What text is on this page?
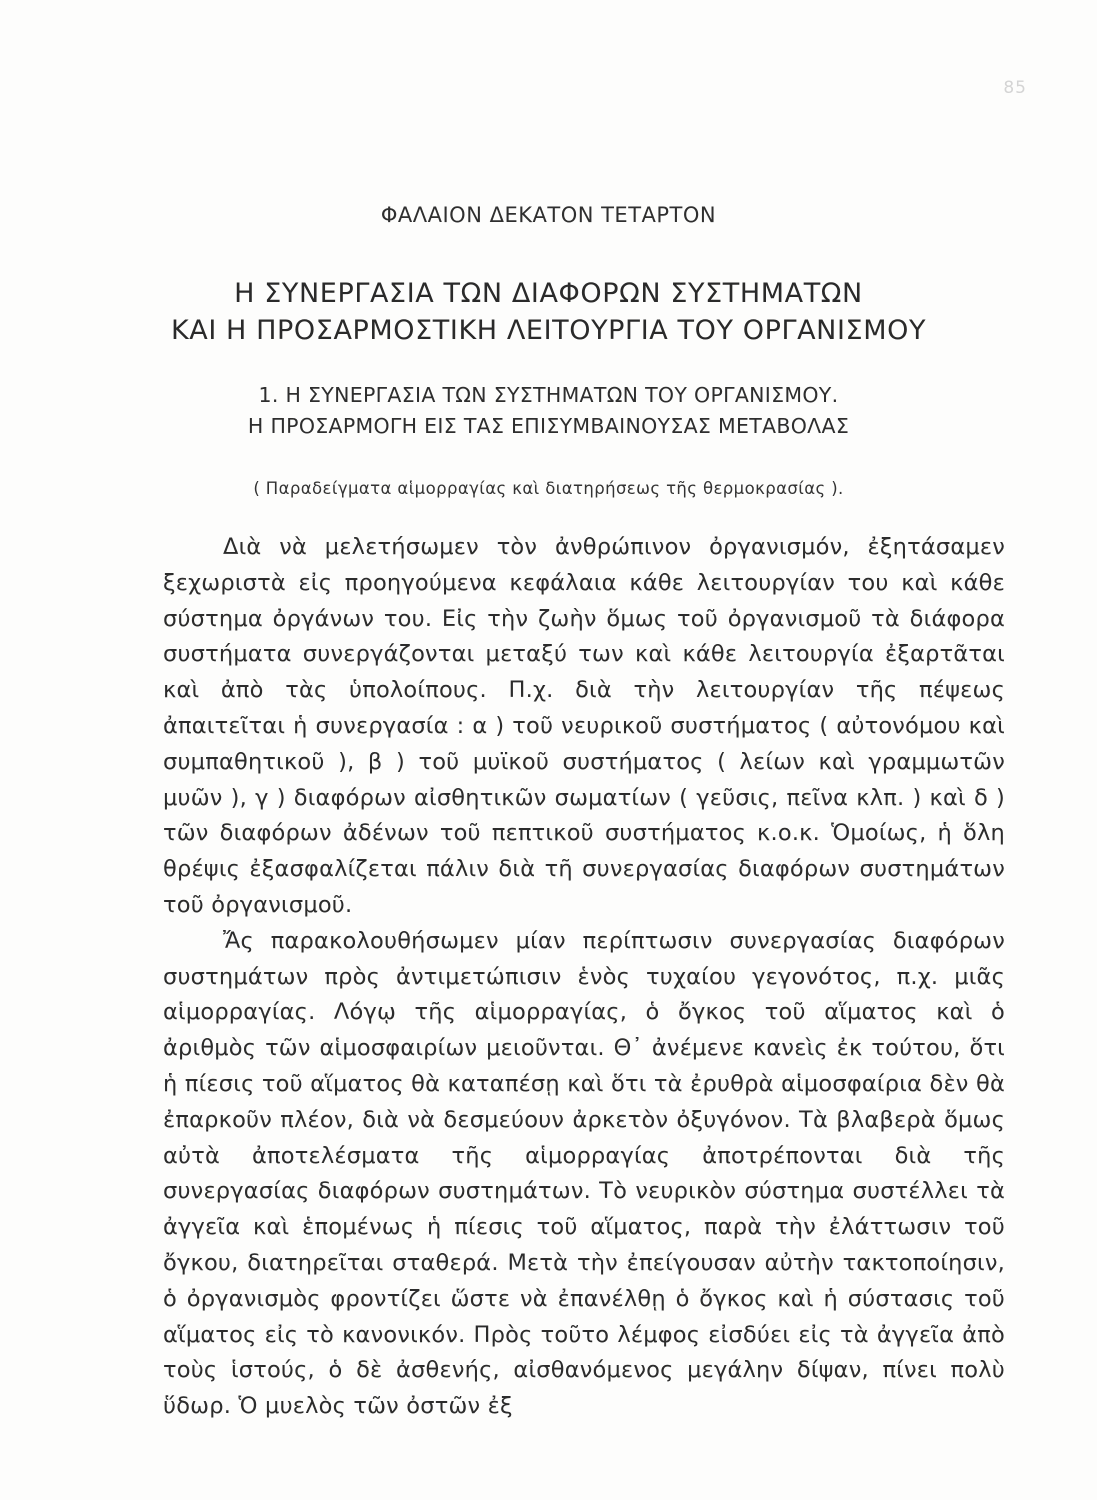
85
ΦΑΛΑΙΟΝ ΔΕΚΑΤΟΝ ΤΕΤΑΡΤΟΝ
Η ΣΥΝΕΡΓΑΣΙΑ ΤΩΝ ΔΙΑΦΟΡΩΝ ΣΥΣΤΗΜΑΤΩΝ
ΚΑΙ Η ΠΡΟΣΑΡΜΟΣΤΙΚΗ ΛΕΙΤΟΥΡΓΙΑ ΤΟΥ ΟΡΓΑΝΙΣΜΟΥ
1. Η ΣΥΝΕΡΓΑΣΙΑ ΤΩΝ ΣΥΣΤΗΜΑΤΩΝ ΤΟΥ ΟΡΓΑΝΙΣΜΟΥ.
Η ΠΡΟΣΑΡΜΟΓΗ ΕΙΣ ΤΑΣ ΕΠΙΣΥΜΒΑΙΝΟΥΣΑΣ ΜΕΤΑΒΟΛΑΣ
( Παραδείγματα αἱμορραγίας καὶ διατηρήσεως τῆς θερμοκρασίας ).

Διὰ νὰ μελετήσωμεν τὸν ἀνθρώπινον ὀργανισμόν, ἐξητάσαμεν ξεχωριστὰ εἰς προηγούμενα κεφάλαια κάθε λειτουργίαν του καὶ κάθε σύστημα ὀργάνων του. Εἰς τὴν ζωὴν ὅμως τοῦ ὀργανισμοῦ τὰ διάφορα συστήματα συνεργάζονται μεταξύ των καὶ κάθε λειτουργία ἐξαρτᾶται καὶ ἀπὸ τὰς ὑπολοίπους. Π.χ. διὰ τὴν λειτουργίαν τῆς πέψεως ἀπαιτεῖται ἡ συνεργασία : α ) τοῦ νευρικοῦ συστήματος ( αὐτονόμου καὶ συμπαθητικοῦ ), β ) τοῦ μυϊκοῦ συστήματος ( λείων καὶ γραμμωτῶν μυῶν ), γ ) διαφόρων αἰσθητικῶν σωματίων ( γεῦσις, πεῖνα κλπ. ) καὶ δ ) τῶν διαφόρων ἀδένων τοῦ πεπτικοῦ συστήματος κ.ο.κ. Ὁμοίως, ἡ ὅλη θρέψις ἐξασφαλίζεται πάλιν διὰ τῆ συνεργασίας διαφόρων συστημάτων τοῦ ὀργανισμοῦ.

Ἄς παρακολουθήσωμεν μίαν περίπτωσιν συνεργασίας διαφόρων συστημάτων πρὸς ἀντιμετώπισιν ἑνὸς τυχαίου γεγονότος, π.χ. μιᾶς αἱμορραγίας. Λόγῳ τῆς αἱμορραγίας, ὁ ὄγκος τοῦ αἵματος καὶ ὁ ἀριθμὸς τῶν αἱμοσφαιρίων μειοῦνται. Θ᾽ ἀνέμενε κανεὶς ἐκ τούτου, ὅτι ἡ πίεσις τοῦ αἵματος θὰ καταπέσῃ καὶ ὅτι τὰ ἐρυθρὰ αἱμοσφαίρια δὲν θὰ ἐπαρκοῦν πλέον, διὰ νὰ δεσμεύουν ἀρκετὸν ὀξυγόνον. Τὰ βλαβερὰ ὅμως αὐτὰ ἀποτελέσματα τῆς αἱμορραγίας ἀποτρέπονται διὰ τῆς συνεργασίας διαφόρων συστημάτων. Τὸ νευρικὸν σύστημα συστέλλει τὰ ἀγγεῖα καὶ ἑπομένως ἡ πίεσις τοῦ αἵματος, παρὰ τὴν ἐλάττωσιν τοῦ ὄγκου, διατηρεῖται σταθερά. Μετὰ τὴν ἐπείγουσαν αὐτὴν τακτοποίησιν, ὁ ὀργανισμὸς φροντίζει ὥστε νὰ ἐπανέλθῃ ὁ ὄγκος καὶ ἡ σύστασις τοῦ αἵματος εἰς τὸ κανονικόν. Πρὸς τοῦτο λέμφος εἰσδύει εἰς τὰ ἀγγεῖα ἀπὸ τοὺς ἱστούς, ὁ δὲ ἀσθενής, αἰσθανόμενος μεγάλην δίψαν, πίνει πολὺ ὕδωρ. Ὁ μυελὸς τῶν ὀστῶν ἐξ
